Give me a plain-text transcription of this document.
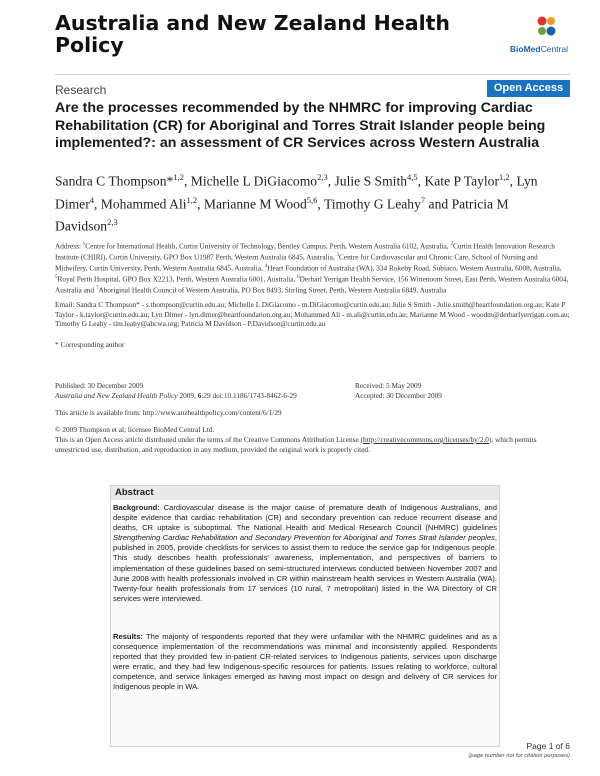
Australia and New Zealand Health Policy	BioMedCentral
Research	Open Access
Are the processes recommended by the NHMRC for improving Cardiac Rehabilitation (CR) for Aboriginal and Torres Strait Islander people being implemented?: an assessment of CR Services across Western Australia
Sandra C Thompson*$^{1,2}$, Michelle L DiGiacomo$^{2,3}$, Julie S Smith$^{4,5}$, Kate P Taylor$^{1,2}$, Lyn Dimer$^4$, Mohammed Ali$^{1,2}$, Marianne M Wood$^{5,6}$, Timothy G Leahy$^7$ and Patricia M Davidson$^{2,3}$
Address: $^1$Centre for International Health, Curtin University of Technology, Bentley Campus, Perth, Western Australia 6102, Australia, $^2$Curtin Health Innovation Research Institute (CHIRI), Curtin University, GPO Box U1987 Perth, Western Australia 6845, Australia, $^3$Centre for Cardiovascular and Chronic Care, School of Nursing and Midwifery, Curtin University, Perth, Western Australia 6845, Australia, $^4$Heart Foundation of Australia (WA), 334 Rokeby Road, Subiaco, Western Australia, 6008, Australia, $^5$Royal Perth Hospital, GPO Box X2213, Perth, Western Australia 6001, Australia, $^6$Derbarl Yerrigan Health Service, 156 Wittenoom Street, East Perth, Western Australia 6004, Australia and $^7$Aboriginal Health Council of Western Australia, PO Box 8493, Stirling Street, Perth, Western Australia 6849, Australia
Email: Sandra C Thompson* - s.thompson@curtin.edu.au; Michelle L DiGiacomo - m.DiGiacomo@curtin.edu.au; Julie S Smith - Julie.smith@heartfoundation.org.au; Kate P Taylor - k.taylor@curtin.edu.au; Lyn Dimer - lyn.dimer@heartfoundation.org.au; Mohammed Ali - m.ali@curtin.edu.au; Marianne M Wood - woodm@derbarlyerrigan.com.au; Timothy G Leahy - tim.leahy@ahcwa.org; Patricia M Davidson - P.Davidson@curtin.edu.au
* Corresponding author
Published: 30 December 2009	Received: 5 May 2009
Australia and New Zealand Health Policy 2009, 6:29 doi:10.1186/1743-8462-6-29	Accepted: 30 December 2009
This article is available from: http://www.anzhealthpolicy.com/content/6/1/29
© 2009 Thompson et al; licensee BioMed Central Ltd.
This is an Open Access article distributed under the terms of the Creative Commons Attribution License (http://creativecommons.org/licenses/by/2.0), which permits unrestricted use, distribution, and reproduction in any medium, provided the original work is properly cited.
Abstract
Background: Cardiovascular disease is the major cause of premature death of Indigenous Australians, and despite evidence that cardiac rehabilitation (CR) and secondary prevention can reduce recurrent disease and deaths, CR uptake is suboptimal. The National Health and Medical Research Council (NHMRC) guidelines Strengthening Cardiac Rehabilitation and Secondary Prevention for Aboriginal and Torres Strait Islander peoples, published in 2005, provide checklists for services to assist them to reduce the service gap for Indigenous people. This study describes health professionals' awareness, implementation, and perspectives of barriers to implementation of these guidelines based on semi-structured interviews conducted between November 2007 and June 2008 with health professionals involved in CR within mainstream health services in Western Australia (WA). Twenty-four health professionals from 17 services (10 rural, 7 metropolitan) listed in the WA Directory of CR services were interviewed.
Results: The majority of respondents reported that they were unfamiliar with the NHMRC guidelines and as a consequence implementation of the recommendations was minimal and inconsistently applied. Respondents reported that they provided few in-patient CR-related services to Indigenous patients, services upon discharge were erratic, and they had few Indigenous-specific resources for patients. Issues relating to workforce, cultural competence, and service linkages emerged as having most impact on design and delivery of CR services for Indigenous people in WA.
Page 1 of 6
(page number not for citation purposes)
